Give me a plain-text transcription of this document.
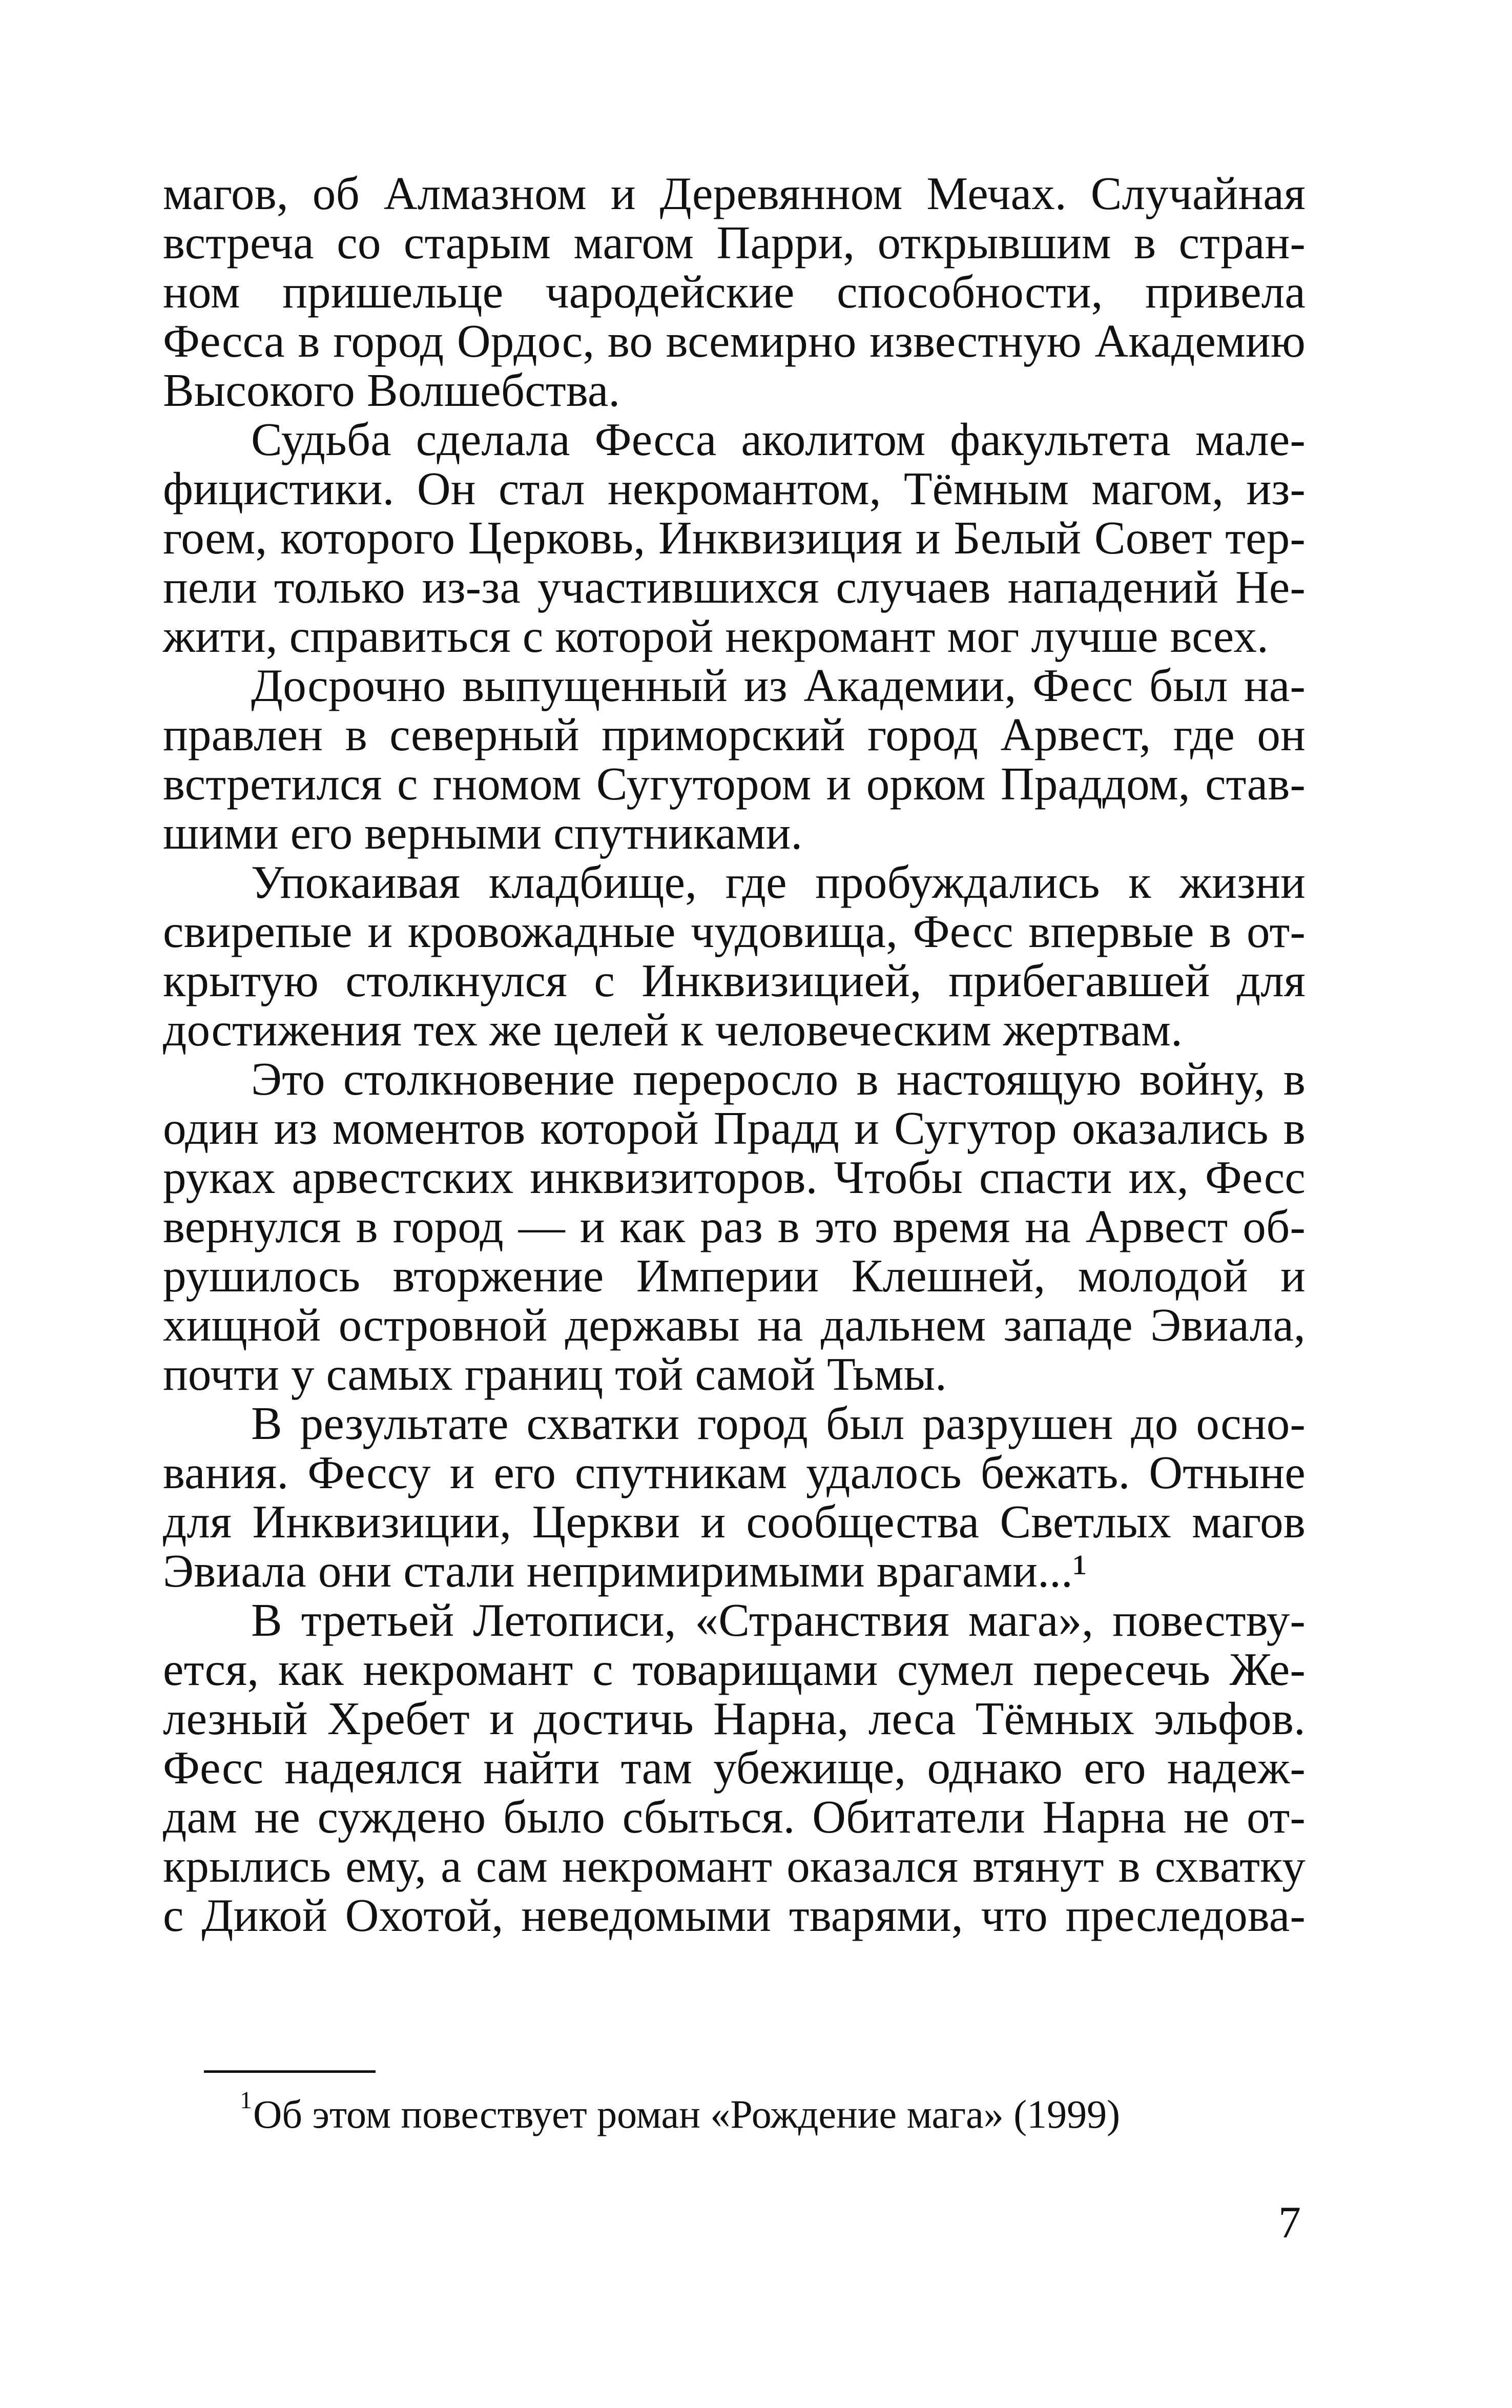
магов, об Алмазном и Деревянном Мечах. Случайная
встреча со старым магом Парри, открывшим в стран-
ном пришельце чародейские способности, привела
Фесса в город Ордос, во всемирно известную Академию
Высокого Волшебства.
Судьба сделала Фесса аколитом факультета мале-
фицистики. Он стал некромантом, Тёмным магом, из-
гоем, которого Церковь, Инквизиция и Белый Совет тер-
пели только из-за участившихся случаев нападений Не-
жити, справиться с которой некромант мог лучше всех.
Досрочно выпущенный из Академии, Фесс был на-
правлен в северный приморский город Арвест, где он
встретился с гномом Сугутором и орком Праддом, став-
шими его верными спутниками.
Упокаивая кладбище, где пробуждались к жизни
свирепые и кровожадные чудовища, Фесс впервые в от-
крытую столкнулся с Инквизицией, прибегавшей для
достижения тех же целей к человеческим жертвам.
Это столкновение переросло в настоящую войну, в
один из моментов которой Прадд и Сугутор оказались в
руках арвестских инквизиторов. Чтобы спасти их, Фесс
вернулся в город — и как раз в это время на Арвест об-
рушилось вторжение Империи Клешней, молодой и
хищной островной державы на дальнем западе Эвиала,
почти у самых границ той самой Тьмы.
В результате схватки город был разрушен до осно-
вания. Фессу и его спутникам удалось бежать. Отныне
для Инквизиции, Церкви и сообщества Светлых магов
Эвиала они стали непримиримыми врагами...¹
В третьей Летописи, «Странствия мага», повеству-
ется, как некромант с товарищами сумел пересечь Же-
лезный Хребет и достичь Нарна, леса Тёмных эльфов.
Фесс надеялся найти там убежище, однако его надеж-
дам не суждено было сбыться. Обитатели Нарна не от-
крылись ему, а сам некромант оказался втянут в схватку
с Дикой Охотой, неведомыми тварями, что преследова-
$^1$Об этом повествует роман «Рождение мага» (1999)
7
